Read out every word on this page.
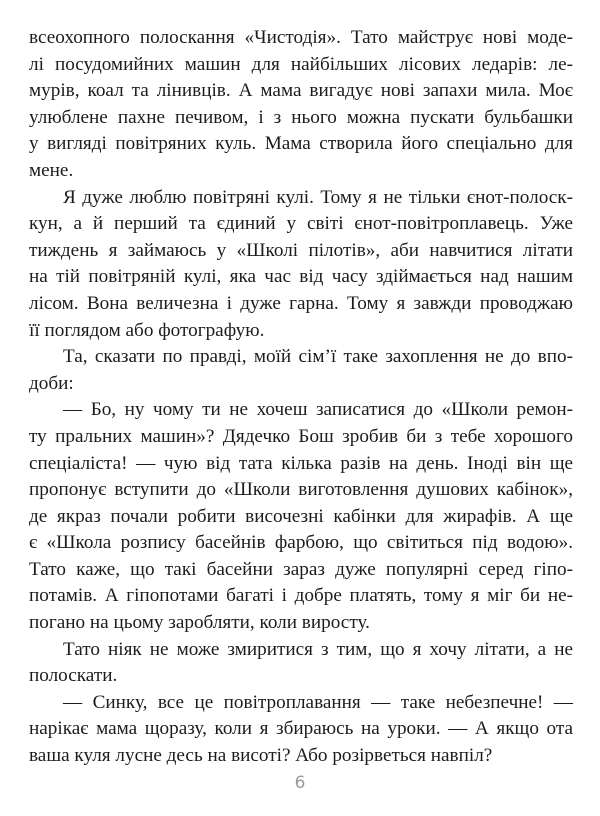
всеохопного полоскання «Чистодія». Тато майструє нові моде-
лі посудомийних машин для найбільших лісових ледарів: ле-
мурів, коал та лінивців. А мама вигадує нові запахи мила. Моє
улюблене пахне печивом, і з нього можна пускати бульбашки
у вигляді повітряних куль. Мама створила його спеціально для
мене.
Я дуже люблю повітряні кулі. Тому я не тільки єнот-полоск-
кун, а й перший та єдиний у світі єнот-повітроплавець. Уже
тиждень я займаюсь у «Школі пілотів», аби навчитися літати
на тій повітряній кулі, яка час від часу здіймається над нашим
лісом. Вона величезна і дуже гарна. Тому я завжди проводжаю
її поглядом або фотографую.
Та, сказати по правді, моїй сім’ї таке захоплення не до впо-
доби:
— Бо, ну чому ти не хочеш записатися до «Школи ремон-
ту пральних машин»? Дядечко Бош зробив би з тебе хорошого
спеціаліста! — чую від тата кілька разів на день. Іноді він ще
пропонує вступити до «Школи виготовлення душових кабінок»,
де якраз почали робити височезні кабінки для жирафів. А ще
є «Школа розпису басейнів фарбою, що світиться під водою».
Тато каже, що такі басейни зараз дуже популярні серед гіпо-
потамів. А гіпопотами багаті і добре платять, тому я міг би не-
погано на цьому заробляти, коли виросту.
Тато ніяк не може змиритися з тим, що я хочу літати, а не
полоскати.
— Синку, все це повітроплавання — таке небезпечне! —
нарікає мама щоразу, коли я збираюсь на уроки. — А якщо ота
ваша куля лусне десь на висоті? Або розірветься навпіл?
6
